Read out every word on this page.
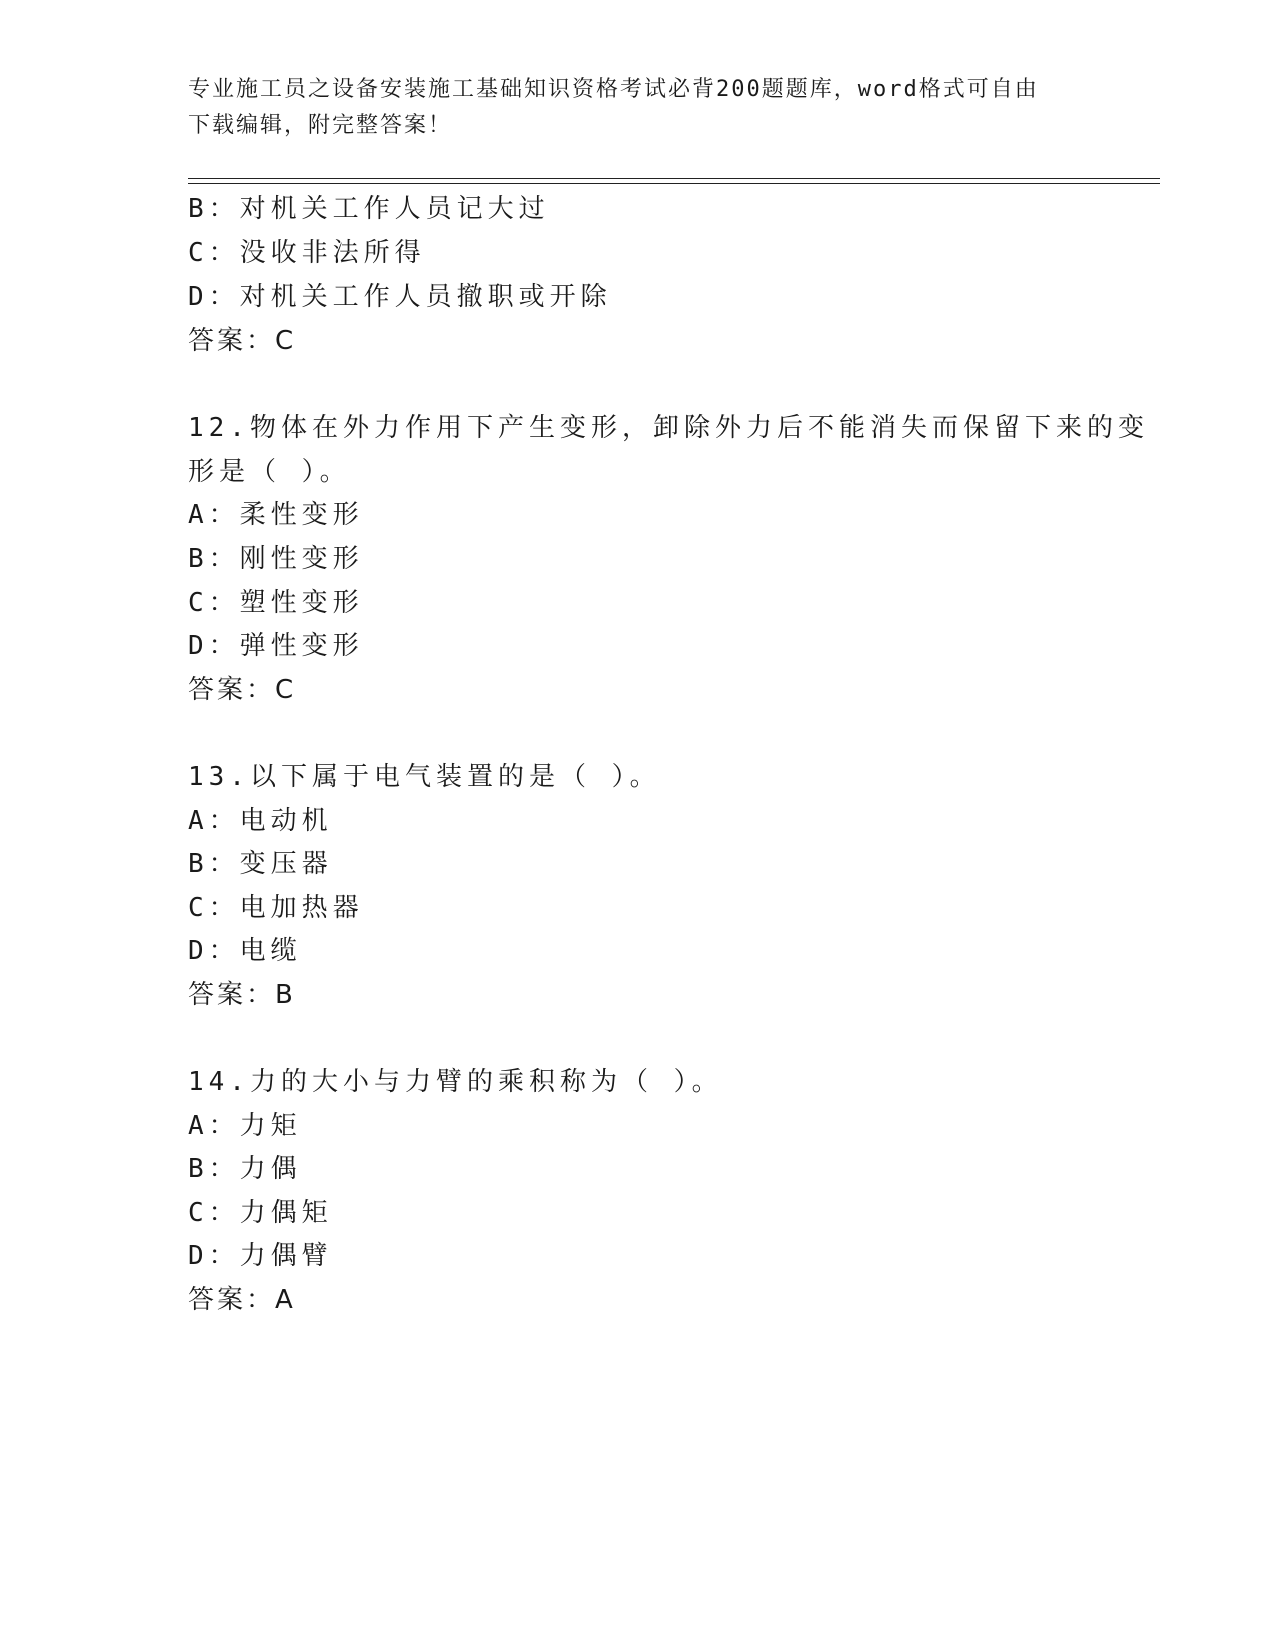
专业施工员之设备安装施工基础知识资格考试必背200题题库，word格式可自由
下载编辑，附完整答案！
B：对机关工作人员记大过
C：没收非法所得
D：对机关工作人员撤职或开除
答案：C
12.物体在外力作用下产生变形，卸除外力后不能消失而保留下来的变
形是（ ）。
A：柔性变形
B：刚性变形
C：塑性变形
D：弹性变形
答案：C
13.以下属于电气装置的是（ ）。
A：电动机
B：变压器
C：电加热器
D：电缆
答案：B
14.力的大小与力臂的乘积称为（ ）。
A：力矩
B：力偶
C：力偶矩
D：力偶臂
答案：A
